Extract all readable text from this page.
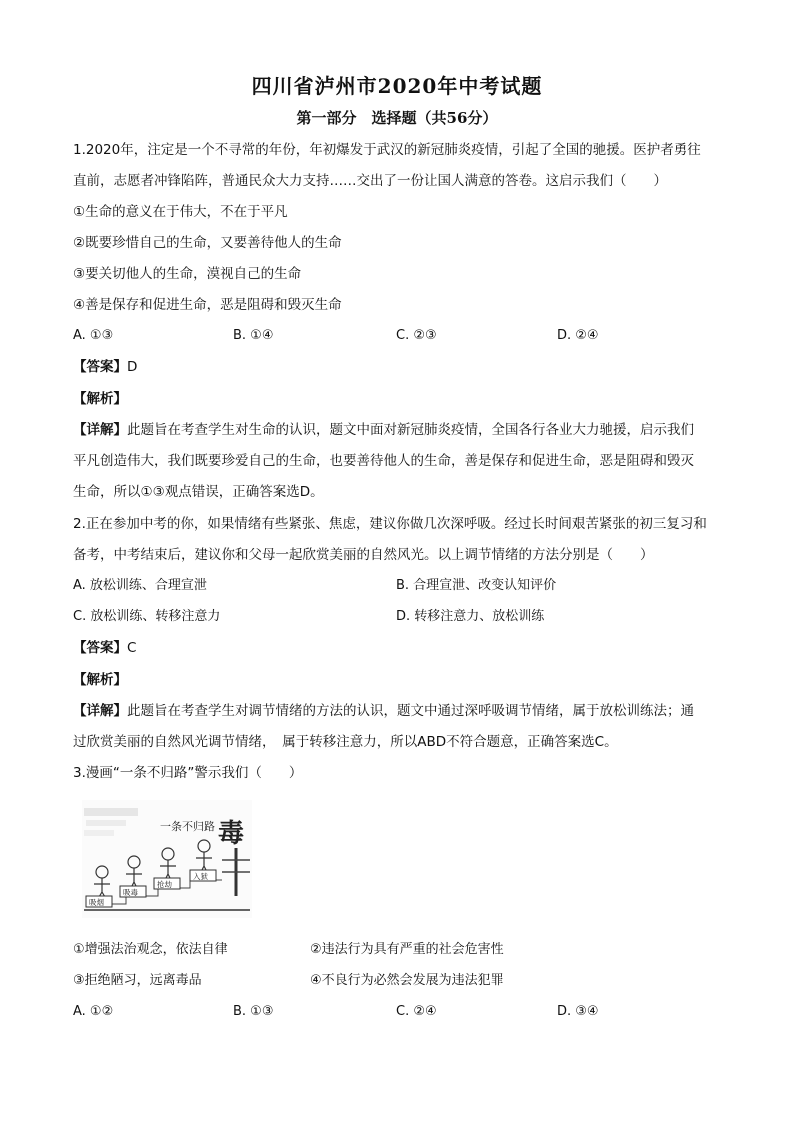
四川省泸州市2020年中考试题
第一部分　选择题（共56分）
1.2020年，注定是一个不寻常的年份，年初爆发于武汉的新冠肺炎疫情，引起了全国的驰援。医护者勇往
直前，志愿者冲锋陷阵，普通民众大力支持……交出了一份让国人满意的答卷。这启示我们（　　）
①生命的意义在于伟大，不在于平凡
②既要珍惜自己的生命，又要善待他人的生命
③要关切他人的生命，漠视自己的生命
④善是保存和促进生命，恶是阻碍和毁灭生命
A. ①③	B. ①④	C. ②③	D. ②④
【答案】D
【解析】
【详解】此题旨在考查学生对生命的认识，题文中面对新冠肺炎疫情，全国各行各业大力驰援，启示我们
平凡创造伟大，我们既要珍爱自己的生命，也要善待他人的生命，善是保存和促进生命，恶是阻碍和毁灭
生命，所以①③观点错误，正确答案选D。
2.正在参加中考的你，如果情绪有些紧张、焦虑，建议你做几次深呼吸。经过长时间艰苦紧张的初三复习和
备考，中考结束后，建议你和父母一起欣赏美丽的自然风光。以上调节情绪的方法分别是（　　）
A. 放松训练、合理宣泄	B. 合理宣泄、改变认知评价
C. 放松训练、转移注意力	D. 转移注意力、放松训练
【答案】C
【解析】
【详解】此题旨在考查学生对调节情绪的方法的认识，题文中通过深呼吸调节情绪，属于放松训练法；通
过欣赏美丽的自然风光调节情绪，　属于转移注意力，所以ABD不符合题意，正确答案选C。
3.漫画“一条不归路”警示我们（　　）
一条不归路 毒
吸烟
吸毒
抢劫
入狱
①增强法治观念，依法自律	②违法行为具有严重的社会危害性
③拒绝陋习，远离毒品	④不良行为必然会发展为违法犯罪
A. ①②	B. ①③	C. ②④	D. ③④
